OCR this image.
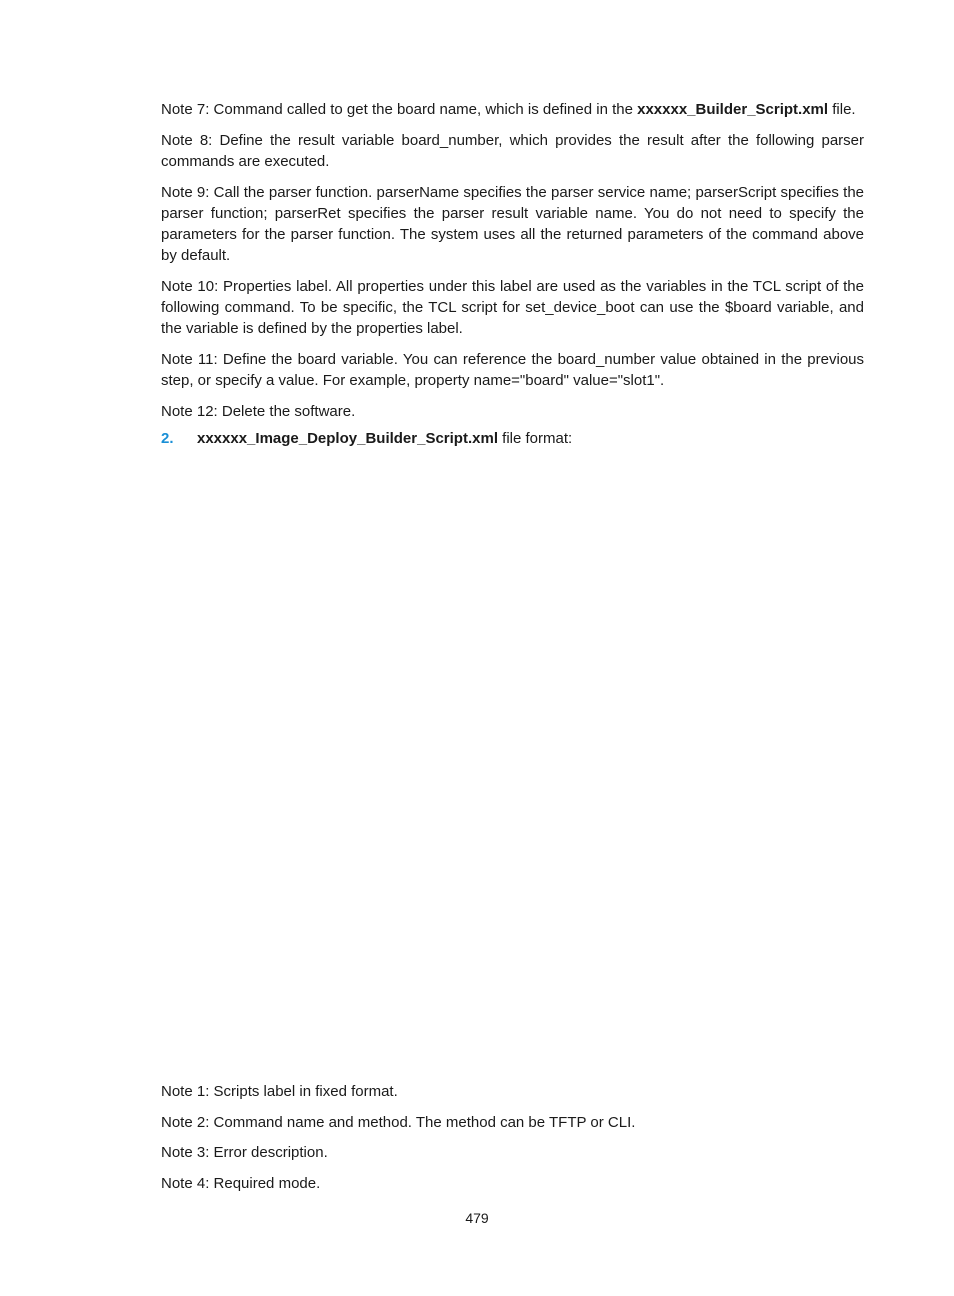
Note 7: Command called to get the board name, which is defined in the xxxxxx_Builder_Script.xml file.

Note 8: Define the result variable board_number, which provides the result after the following parser commands are executed.

Note 9: Call the parser function. parserName specifies the parser service name; parserScript specifies the parser function; parserRet specifies the parser result variable name. You do not need to specify the parameters for the parser function. The system uses all the returned parameters of the command above by default.

Note 10: Properties label. All properties under this label are used as the variables in the TCL script of the following command. To be specific, the TCL script for set_device_boot can use the $board variable, and the variable is defined by the properties label.

Note 11: Define the board variable. You can reference the board_number value obtained in the previous step, or specify a value. For example, property name="board" value="slot1".

Note 12: Delete the software.

2. xxxxxx_Image_Deploy_Builder_Script.xml file format:

Note 1: Scripts label in fixed format.

Note 2: Command name and method. The method can be TFTP or CLI.

Note 3: Error description.

Note 4: Required mode.

479
